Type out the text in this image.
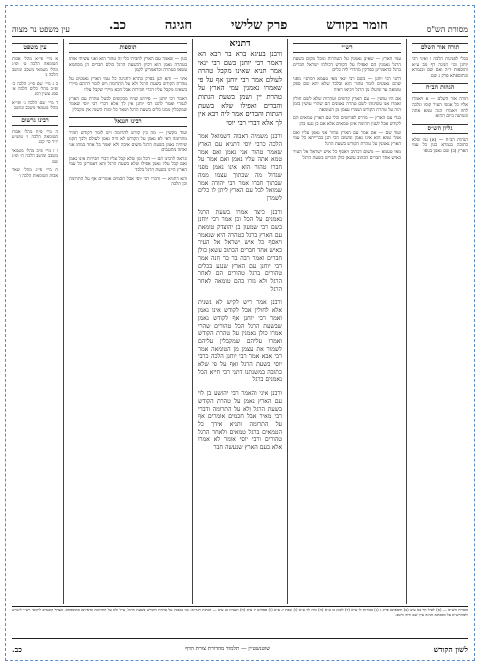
מסורת הש"ס
חומר בקודש
פרק שלישי
חגיגה
כב.
עין משפט נר מצוה
תורה אור השלם
בבלי לפניגות הלכה ז ואיני רבי יוחנן וכו׳ חגיגה דף מב ע״א ותוספות ד״ה ואם שם ובגמרא ובתוספתא פרק ג שם
הגהות הב״ח
תורה אור השלם — א ויאמרו אליו כל אנשי העיר קומו ונלכה לחוז ויאמרו הנה טמא אתה ונשתנה ביום ההוא
גליון הש״ס
הגהות הב״ח — (א) גמ׳ שלא כתובה בגמרא כגון כל עמי הארץ (ב) שם נאמן בגופו
רש״י

עמי הארץ — שאינן נאמנין על הטהרות ומכל מקום בשעת הרגל נאמנין הם ואפילו על הקודש דכולהו ישראל חברים ברגל כדאמרינן בפרקין מהדרי ליה כלים

דתני רבי יוחנן — בשם רבי ינאי מאי טעמא דמתני׳ מפני שהם נאמנים לומר טהור הוא ובלבד שלא יהא שם ספק טומאה עד שיעלו מן הרגל ויביאו ראיה

אם היו עושין — עם הארץ קדשים וטהרות שלא לשם חולין ואמרו אנו עשינוהו לשם טהרה נאמנים הם שהרי עושין בזמן הזה על טהרת הקודש ושמרו עצמן מן הטומאה

בגדי עם הארץ — מדרס לפרושים וכלי עם הארץ טמאים הם לקודש אבל לענין תרומה אינן טמאים אלא אם כן נגעו בהן

ועוד שם — אם אמר עם הארץ טהור אני נאמן עליו ואם אמר טמא הוא אינו נאמן ומשום הכי תנן בברייתא כל עמי הארץ נאמנין על טהרת הקודש בשעת הרגל

מאי טעמא — משום דכתיב ויאסף כל איש ישראל אל העיר כאיש אחד חברים הכתוב עשאן כולן חברים בשעת הרגל

דתניא
ורבנן בעיגא ברא בר רבא הא דאמר רבי יוחנן בשם רבי ינאי אמר תניא שאינו מקבל טהרה לעולם אמר רבי יוחנן אף על פי שאמרו נאמנין עמי הארץ על טהרת יין ושמן בשעת הגתות והבדים ואפילו שלא בשעת הגתות והבדים אמר ליה רבא אין לך אלא דברי רבי יוסי
ורבנן משמיה דאבוה דשמואל אמר הלכה כרבי יוסי דתניא עם הארץ שאמר טהור אני נאמן ואם אמר טמא אתה עליו נאמן ואם אמר על חברו טהור הוא אינו נאמן מפני שגדול מה שבתוך עצמו ממה שבתוך חברו אמר רבי יהודה אמר שמואל לכל עם הארץ ליתן לו כלים לשמרן
ורבנן כיצד אמרו בשעת הרגל נאמנים על הכל וכן אמר רבי יוחנן בשם רבי שמעון בן יהוצדק טומאת עם הארץ ברגל כטהרה היא שנאמר ויאסף כל איש ישראל אל העיר כאיש אחד חברים הכתוב עשאן כולן חברים ואמר רבה בר בר חנה אמר רבי יוחנן עם הארץ שנגע בכלים טהורים ברגל טהורים הם לאחר הרגל ולא גזרו בהם טומאה לאחר הרגל
ורבנן אמר ריש לקיש לא נשנית אלא לחולין אבל לקודש אינו נאמן ואמר רבי יוחנן אף לקודש נאמן שבשעת הרגל הכל טהורים שהרי אמרו כולן נאמנין על טהרת הקודש ואמרו עליהם שמקבלין עליהם לשמור את עצמן מן הטומאה אמר רבי אבא אמר רבי יוחנן הלכה כרבי יוסי בשעת הרגל ואף על פי שלא כתובה במשנתנו דתני רבי חייא הכל נאמנים ברגל
ורבנן איני והאמר רבי יהושע בן לוי עם הארץ נאמן על טהרת הקודש בשעת הרגל ולא על התרומה ודברי רבי מאיר אבל חכמים אומרים אף על התרומה ותניא אידך כל הטמאים ברגל טמאים ולאחר הרגל טהורים ורבי יוסי אומר לא אמרו אלא בעם הארץ שנעשה חבר
תוספות

כגון — שאמר עם הארץ לחבירו כלי זה טהור הוא ואני עשיתי אותו בטהרה נאמן הוא דכיון דבשעת הרגל כולם חברים הן מסתמא עשאו בטהרה וכדאמרינן לקמן

איני — והא תנן בפרק בתרא דחגיגה כל עמי הארץ נאמנים על טהרת הקודש בשעת הרגל ולא על התרומה ויש לומר דהתם מיירי בשאינו מקבל עליו דברי חבירות אבל הכא מיירי שקבל עליו

דאמר רבי יוחנן — פירוש שהיו מבקשים לבטל טהרת עם הארץ לגמרי ואמר להם רבי יוחנן אין לך אלא דברי רבי יוסי שאמר שמקבלין ממנו כלים בשעת הרגל ושאר כל ימות השנה אין מקבלין

רבינו חננאל

ועוד מקשין — מה בין קודש לתרומה ויש לומר דקודש חמיר מתרומה דאי לא נאמן על הקודש לא היה נאמן לעולם ולכך תקנו שיהיה נאמן בשעת הרגל משום איבה ולא יאמר כל אחד במתו אני ואתה מתגנבים

ונראה לרבינו תם — דכל זמן שלא קבל עליו דברי חבירות אינו נאמן ואם קבל עליו נאמן אפילו שלא בשעת הרגל והא דאמרינן כל עמי הארץ היינו בשעת הרגל בלבד

והא דתניא — ודברי רבי יוסי אבל חכמים אומרים אף על התרומה וכן הלכה

עין משפט
א מיי׳ פי״א מהל׳ אבות הטומאה הלכה ט׳ ופ״ג מהל׳ מטמאי משכב ומושב הלכה ג׳
ב ג מיי׳ שם פי״ג הלכה ב׳ ופ״ב מהל׳ כלים הלכה א׳ סמג עשין רמג
ד מיי׳ שם הלכה ג׳ ופי״א מהל׳ מטמאי משכב ומושב
רבינו גרשום
ה מיי׳ פ״ח מהל׳ אבות הטומאה הלכה ז׳ טוש״ע יו״ד סי׳ קכג
ו ז מיי׳ פ״ב מהל׳ מטמאי משכב ומושב הלכה ח׳ ופ״ג שם
ח מיי׳ פי״ג מהל׳ שאר אבות הטומאות הלכה ו׳
מסורת הש״ס — (א) לעיל דף כא ע״ב (ב) תוספתא פרק ג (ג) בכורות לו ע״א (ד) לקמן כו ע״א (ה) נדה לד ע״א (ו) שבת יג ע״א (ז) פסחים יז ע״ב (ח) תענית כג ע״ב — הגהות הגר״א: גמ׳ נאמנין על טהרת הקודש בשעת הרגל, צ״ל ולא על התרומה כדאיתא בתוספתא. מצרף קונטרס ליקוטי רש״י ליש״ש ולמהרש״א על מסכתא חגיגה עיין שם ודוק היטב.
לשון הקודש
שוטנשטיין — תלמוד מהדורת צורת הדף
כב.
